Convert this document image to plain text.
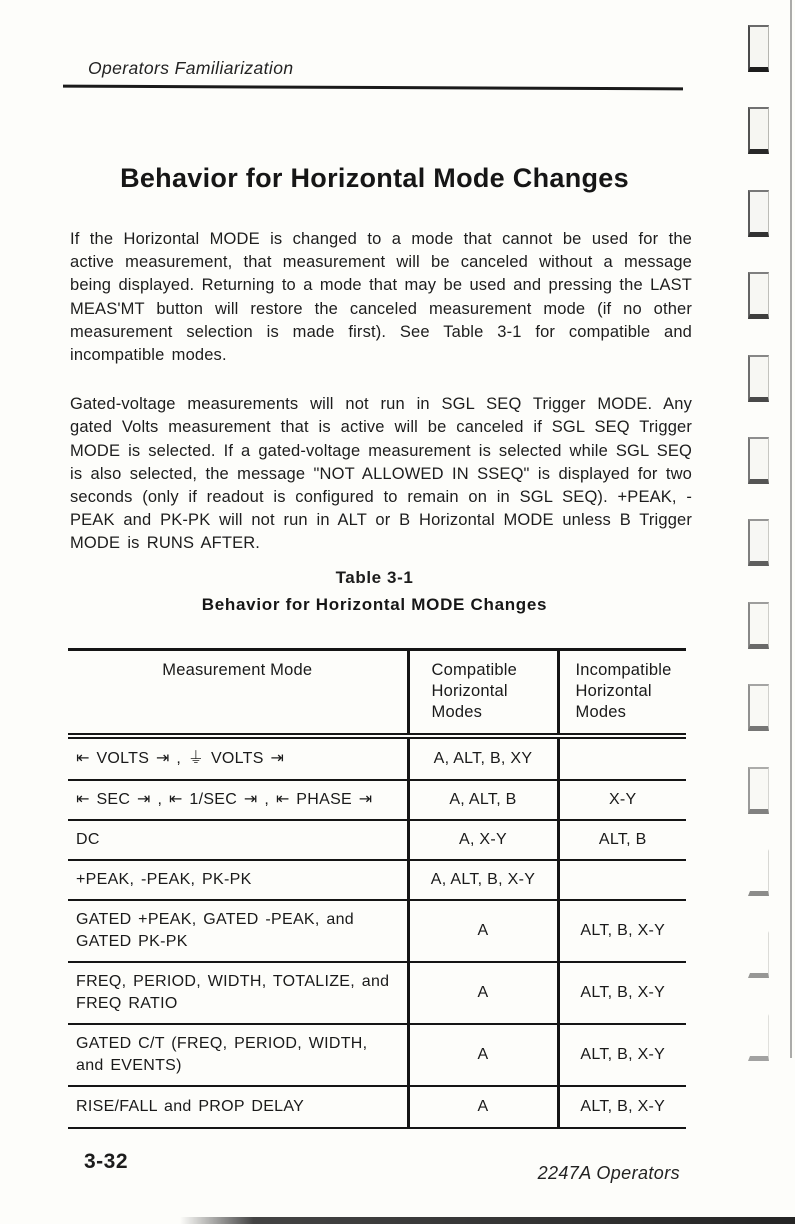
Operators Familiarization
Behavior for Horizontal Mode Changes

If the Horizontal MODE is changed to a mode that cannot be used for the active measurement, that measurement will be canceled without a message being displayed. Returning to a mode that may be used and pressing the LAST MEAS'MT button will restore the canceled measurement mode (if no other measurement selection is made first). See Table 3-1 for compatible and incompatible modes.

Gated-voltage measurements will not run in SGL SEQ Trigger MODE. Any gated Volts measurement that is active will be canceled if SGL SEQ Trigger MODE is selected. If a gated-voltage measurement is selected while SGL SEQ is also selected, the message "NOT ALLOWED IN SSEQ" is displayed for two seconds (only if readout is configured to remain on in SGL SEQ). +PEAK, -PEAK and PK-PK will not run in ALT or B Horizontal MODE unless B Trigger MODE is RUNS AFTER.

Table 3-1
Behavior for Horizontal MODE Changes
Measurement Mode	Compatible Horizontal Modes	Incompatible Horizontal Modes
⇤ VOLTS ⇥ , ⏚ VOLTS ⇥	A, ALT, B, XY	
⇤ SEC ⇥ , ⇤ 1/SEC ⇥ , ⇤ PHASE ⇥	A, ALT, B	X-Y
DC	A, X-Y	ALT, B
+PEAK, -PEAK, PK-PK	A, ALT, B, X-Y	
GATED +PEAK, GATED -PEAK, and GATED PK-PK	A	ALT, B, X-Y
FREQ, PERIOD, WIDTH, TOTALIZE, and FREQ RATIO	A	ALT, B, X-Y
GATED C/T (FREQ, PERIOD, WIDTH, and EVENTS)	A	ALT, B, X-Y
RISE/FALL and PROP DELAY	A	ALT, B, X-Y
3-32	2247A Operators
